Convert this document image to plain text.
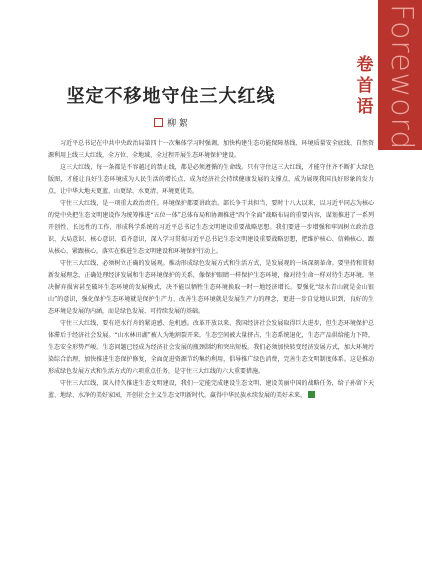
Foreword
卷首语
坚定不移地守住三大红线
柳 絮

习近平总书记在中共中央政治局第四十一次集体学习时强调，加快构建生态功能保障基线、环境质量安全底线、自然资源利用上线三大红线，全方位、全地域、全过程开展生态环境保护建设。

这三大红线，每一条都是不容越过的禁止线，都是必须遵循的生命线。只有守住这三大红线，才能守住齐不断扩大绿色版图，才能让良好生态环境成为人民生活的增长点、成为经济社会持续健康发展的支撑点、成为展现我国良好形象的发力点，让中华大地天更蓝、山更绿、水更清、环境更优美。

守住三大红线，是一项重大政治责任。环境保护都要讲政治。部长争干共担当，要时十八大以来，以习近平同志为核心的党中央把生态文明建设作为统筹推进“五位一体”总体布局和协调推进“四个全面”战略布局的重要内容，谋划推进了一系列开创性、长远性的工作，形成科学系统的习近平总书记生态文明建设重要战略思想。我们要进一步增强和牢固树立政治意识、大局意识、核心意识、看齐意识，深入学习贯彻习近平总书记生态文明建设重要战略思想，把维护核心、信赖核心、跟从核心、紧跟核心，落实在推进生态文明建设和环境保护行动上。

守住三大红线，必须树立正确的发展观。推动形成绿色发展方式和生活方式，是发展观的一场深刻革命。要坚持和贯彻新发展理念，正确处理经济发展和生态环境保护的关系，像保护眼睛一样保护生态环境，像对待生命一样对待生态环境，坚决摒弃损害甚至破坏生态环境的发展模式，决不能以牺牲生态环境换取一时一地经济增长。要强化“绿水青山就是金山银山”的意识，强化保护生态环境就是保护生产力、改善生态环境就是发展生产力的理念，更进一步自觉地认识到，良好的生态环境是发展的内涵，而是绿色发展、可持续发展的基础。

守住三大红线，要有逆水行舟的紧迫感、危机感。改革开放以来，我国经济社会发展取得巨大进步，但生态环境保护总体滞后于经济社会发展。“山水林田湖”被人为地割裂开来，生态空间被大量挤占，生态系统退化，生态产品供给能力下降，生态安全形势严峻。生态问题已经成为经济社会发展的瓶颈制约和突出短板。我们必须加快转变经济发展方式，加大环境污染综合治理，加快推进生态保护修复，全面促进资源节约集约利用，倡导推广绿色消费，完善生态文明制度体系。这是推动形成绿色发展方式和生活方式的六项重点任务，是守住三大红线的六大重要措施。

守住三大红线，深入持久推进生态文明建设，我们一定能完成建设生态文明、建设美丽中国的战略任务，给子孙留下天蓝、地绿、水净的美好家园，开创社会主义生态文明新时代，赢得中华民族永续发展的美好未来。
